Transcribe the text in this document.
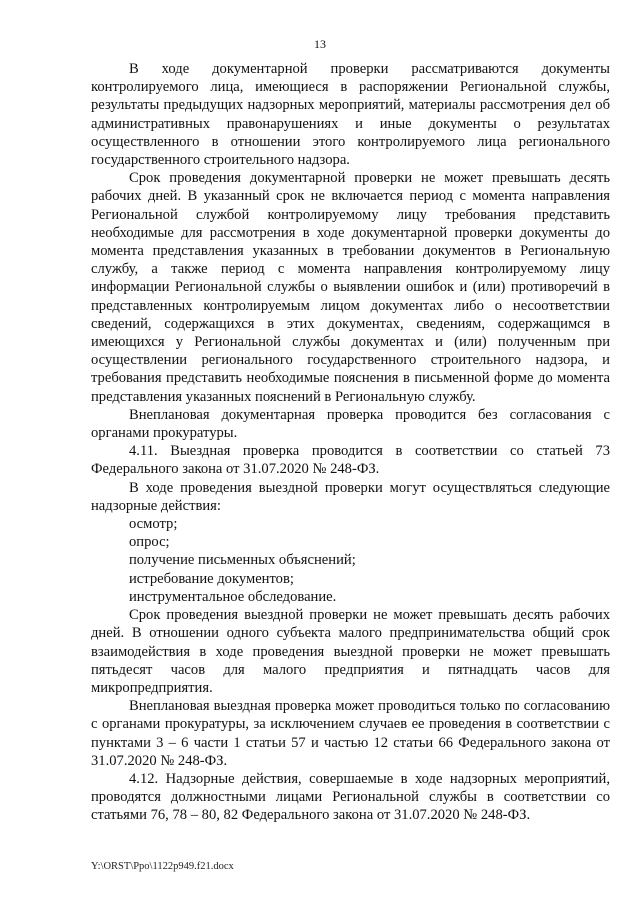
13

В ходе документарной проверки рассматриваются документы контролируемого лица, имеющиеся в распоряжении Региональной службы, результаты предыдущих надзорных мероприятий, материалы рассмотрения дел об административных правонарушениях и иные документы о результатах осуществленного в отношении этого контролируемого лица регионального государственного строительного надзора.

Срок проведения документарной проверки не может превышать десять рабочих дней. В указанный срок не включается период с момента направления Региональной службой контролируемому лицу требования представить необходимые для рассмотрения в ходе документарной проверки документы до момента представления указанных в требовании документов в Региональную службу, а также период с момента направления контролируемому лицу информации Региональной службы о выявлении ошибок и (или) противоречий в представленных контролируемым лицом документах либо о несоответствии сведений, содержащихся в этих документах, сведениям, содержащимся в имеющихся у Региональной службы документах и (или) полученным при осуществлении регионального государственного строительного надзора, и требования представить необходимые пояснения в письменной форме до момента представления указанных пояснений в Региональную службу.

Внеплановая документарная проверка проводится без согласования с органами прокуратуры.

4.11. Выездная проверка проводится в соответствии со статьей 73 Федерального закона от 31.07.2020 № 248-ФЗ.

В ходе проведения выездной проверки могут осуществляться следующие надзорные действия:

осмотр;

опрос;

получение письменных объяснений;

истребование документов;

инструментальное обследование.

Срок проведения выездной проверки не может превышать десять рабочих дней. В отношении одного субъекта малого предпринимательства общий срок взаимодействия в ходе проведения выездной проверки не может превышать пятьдесят часов для малого предприятия и пятнадцать часов для микропредприятия.

Внеплановая выездная проверка может проводиться только по согласованию с органами прокуратуры, за исключением случаев ее проведения в соответствии с пунктами 3 – 6 части 1 статьи 57 и частью 12 статьи 66 Федерального закона от 31.07.2020 № 248-ФЗ.

4.12. Надзорные действия, совершаемые в ходе надзорных мероприятий, проводятся должностными лицами Региональной службы в соответствии со статьями 76, 78 – 80, 82 Федерального закона от 31.07.2020 № 248-ФЗ.

Y:\ORST\Ppo\1122p949.f21.docx
